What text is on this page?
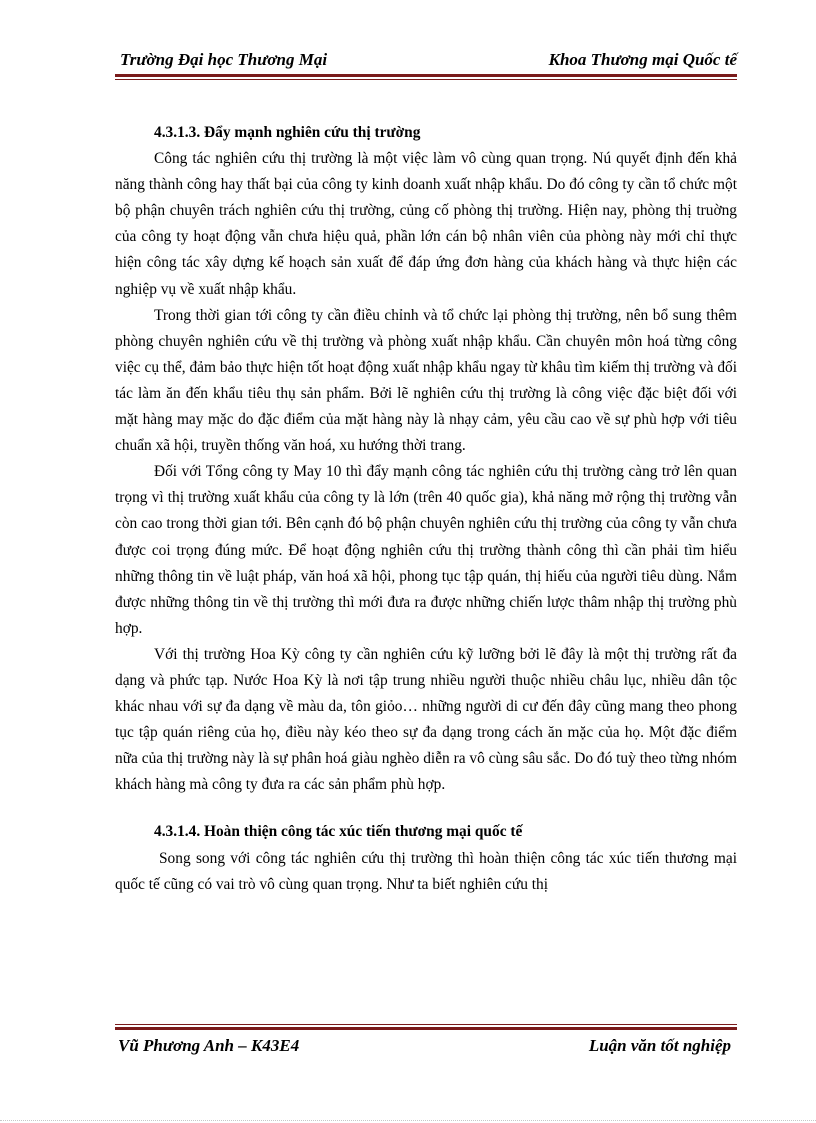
Trường Đại học Thương Mại	Khoa Thương mại Quốc tế
4.3.1.3. Đẩy mạnh nghiên cứu thị trường

Công tác nghiên cứu thị trường là một việc làm vô cùng quan trọng. Nú quyết định đến khả năng thành công hay thất bại của công ty kinh doanh xuất nhập khẩu. Do đó công ty cần tổ chức một bộ phận chuyên trách nghiên cứu thị trường, củng cố phòng thị trường. Hiện nay, phòng thị truờng của công ty hoạt động vẫn chưa hiệu quả, phần lớn cán bộ nhân viên của phòng này mới chỉ thực hiện công tác xây dựng kế hoạch sản xuất để đáp ứng đơn hàng của khách hàng và thực hiện các nghiệp vụ về xuất nhập khẩu.

Trong thời gian tới công ty cần điều chỉnh và tổ chức lại phòng thị trường, nên bổ sung thêm phòng chuyên nghiên cứu về thị trường và phòng xuất nhập khẩu. Cần chuyên môn hoá từng công việc cụ thể, đảm bảo thực hiện tốt hoạt động xuất nhập khẩu ngay từ khâu tìm kiếm thị trường và đối tác làm ăn đến khẩu tiêu thụ sản phẩm. Bởi lẽ nghiên cứu thị trường là công việc đặc biệt đối với mặt hàng may mặc do đặc điểm của mặt hàng này là nhạy cảm, yêu cầu cao về sự phù hợp với tiêu chuẩn xã hội, truyền thống văn hoá, xu hướng thời trang.

Đối với Tổng công ty May 10 thì đẩy mạnh công tác nghiên cứu thị trường càng trở lên quan trọng vì thị trường xuất khẩu của công ty là lớn (trên 40 quốc gia), khả năng mở rộng thị trường vẫn còn cao trong thời gian tới. Bên cạnh đó bộ phận chuyên nghiên cứu thị trường của công ty vẫn chưa được coi trọng đúng mức. Để hoạt động nghiên cứu thị trường thành công thì cần phải tìm hiểu những thông tin về luật pháp, văn hoá xã hội, phong tục tập quán, thị hiếu của người tiêu dùng. Nắm được những thông tin về thị trường thì mới đưa ra được những chiến lược thâm nhập thị trường phù hợp.

Với thị trường Hoa Kỳ công ty cần nghiên cứu kỹ lưỡng bởi lẽ đây là một thị trường rất đa dạng và phức tạp. Nước Hoa Kỳ là nơi tập trung nhiều người thuộc nhiều châu lục, nhiều dân tộc khác nhau với sự đa dạng về màu da, tôn giỏo… những người di cư đến đây cũng mang theo phong tục tập quán riêng của họ, điều này kéo theo sự đa dạng trong cách ăn mặc của họ. Một đặc điểm nữa của thị trường này là sự phân hoá giàu nghèo diễn ra vô cùng sâu sắc. Do đó tuỳ theo từng nhóm khách hàng mà công ty đưa ra các sản phẩm phù hợp.

4.3.1.4. Hoàn thiện công tác xúc tiến thương mại quốc tế

Song song với công tác nghiên cứu thị trường thì hoàn thiện công tác xúc tiến thương mại quốc tế cũng có vai trò vô cùng quan trọng. Như ta biết nghiên cứu thị

Vũ Phương Anh – K43E4	Luận văn tốt nghiệp
